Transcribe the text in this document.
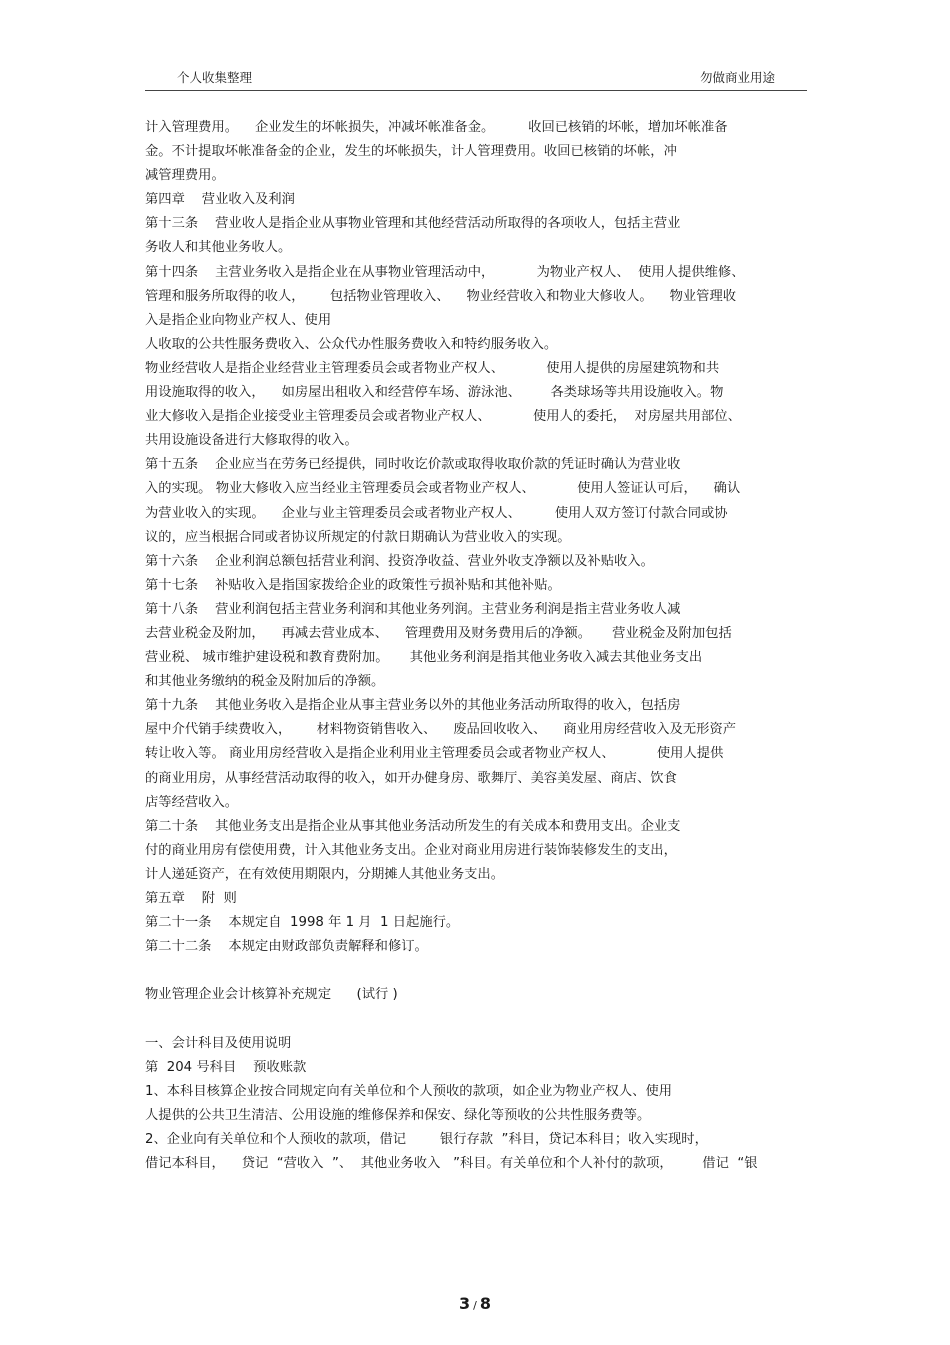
个人收集整理	勿做商业用途
计入管理费用。    企业发生的坏帐损失，冲减坏帐准备金。        收回已核销的坏帐，增加坏帐准备
金。不计提取坏帐准备金的企业，发生的坏帐损失，计人管理费用。收回已核销的坏帐，冲
减管理费用。
第四章    营业收入及利润
第十三条    营业收人是指企业从事物业管理和其他经营活动所取得的各项收人，包括主营业
务收人和其他业务收人。
第十四条    主营业务收入是指企业在从事物业管理活动中，          为物业产权人、  使用人提供维修、
管理和服务所取得的收人，      包括物业管理收入、    物业经营收入和物业大修收人。    物业管理收
入是指企业向物业产权人、使用
人收取的公共性服务费收入、公众代办性服务费收入和特约服务收入。
物业经营收人是指企业经营业主管理委员会或者物业产权人、          使用人提供的房屋建筑物和共
用设施取得的收入，    如房屋出租收入和经营停车场、游泳池、       各类球场等共用设施收入。物
业大修收入是指企业接受业主管理委员会或者物业产权人、          使用人的委托，  对房屋共用部位、
共用设施设备进行大修取得的收入。
第十五条    企业应当在劳务已经提供，同时收讫价款或取得收取价款的凭证时确认为营业收
入的实现。 物业大修收入应当经业主管理委员会或者物业产权人、          使用人签证认可后，    确认
为营业收入的实现。    企业与业主管理委员会或者物业产权人、        使用人双方签订付款合同或协
议的，应当根据合同或者协议所规定的付款日期确认为营业收入的实现。
第十六条    企业利润总额包括营业利润、投资净收益、营业外收支净额以及补贴收入。
第十七条    补贴收入是指国家拨给企业的政策性亏损补贴和其他补贴。
第十八条    营业利润包括主营业务利润和其他业务列润。主营业务利润是指主营业务收人减
去营业税金及附加，    再减去营业成本、    管理费用及财务费用后的净额。     营业税金及附加包括
营业税、 城市维护建设税和教育费附加。     其他业务利润是指其他业务收入减去其他业务支出
和其他业务缴纳的税金及附加后的净额。
第十九条    其他业务收入是指企业从事主营业务以外的其他业务活动所取得的收入，包括房
屋中介代销手续费收入，      材料物资销售收入、    废品回收收入、    商业用房经营收入及无形资产
转让收入等。 商业用房经营收入是指企业利用业主管理委员会或者物业产权人、          使用人提供
的商业用房，从事经营活动取得的收入，如开办健身房、歌舞厅、美容美发屋、商店、饮食
店等经营收入。
第二十条    其他业务支出是指企业从事其他业务活动所发生的有关成本和费用支出。企业支
付的商业用房有偿使用费，计入其他业务支出。企业对商业用房进行装饰装修发生的支出，
计人递延资产，在有效使用期限内，分期摊人其他业务支出。
第五章    附  则
第二十一条    本规定自  1998 年 1 月  1 日起施行。
第二十二条    本规定由财政部负责解释和修订。
物业管理企业会计核算补充规定      (试行 )
一、会计科目及使用说明
第  204 号科目    预收账款
1、本科目核算企业按合同规定向有关单位和个人预收的款项，如企业为物业产权人、使用
人提供的公共卫生清洁、公用设施的维修保养和保安、绿化等预收的公共性服务费等。
2、企业向有关单位和个人预收的款项，借记        银行存款  ”科目，贷记本科目；收入实现时，
借记本科目，    贷记  “营收入  ”、  其他业务收入   ”科目。有关单位和个人补付的款项，       借记  “银
3 / 8
